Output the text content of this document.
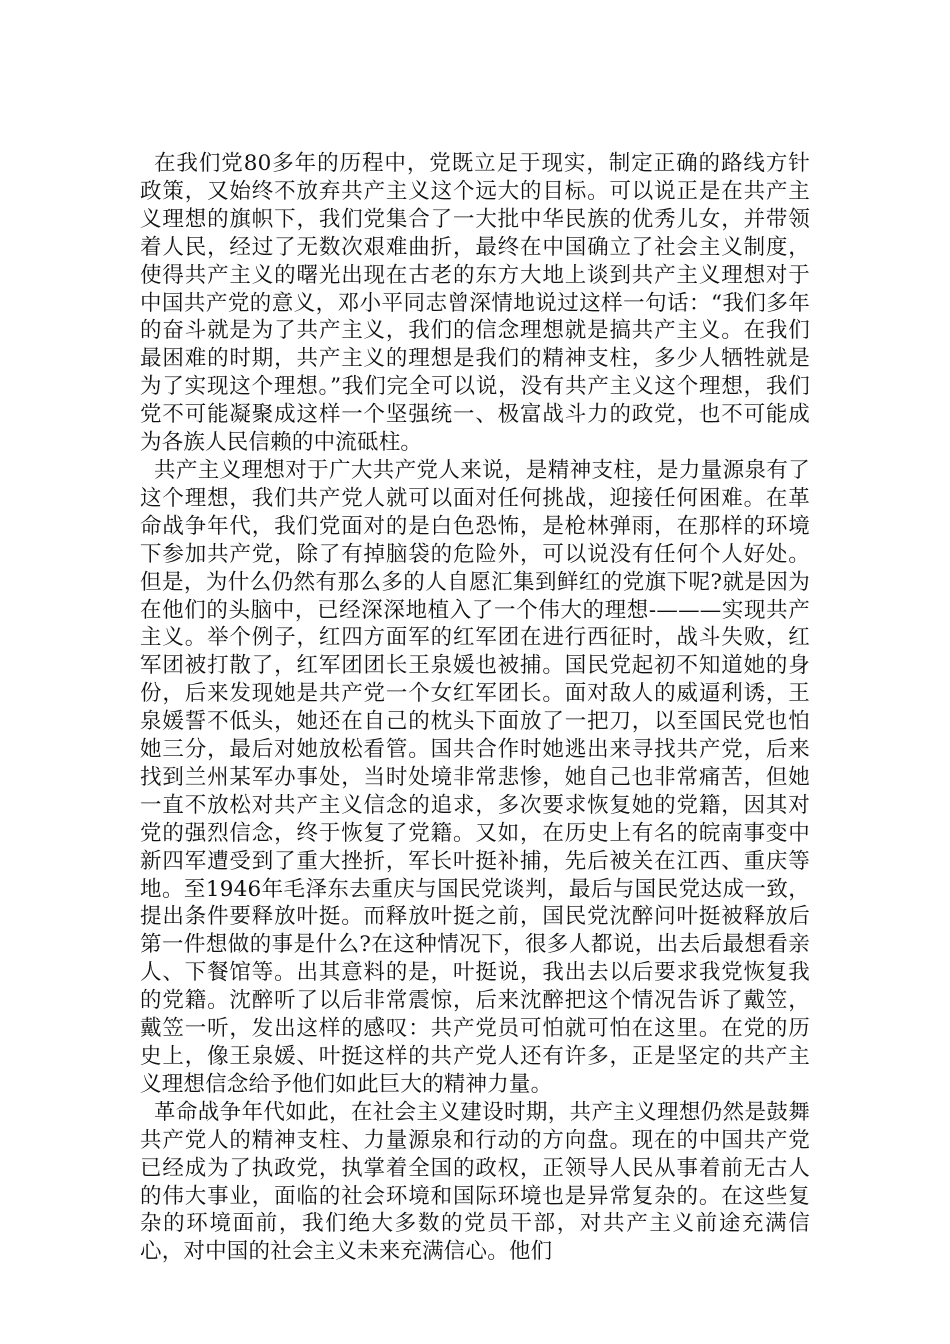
在我们党80多年的历程中，党既立足于现实，制定正确的路线方针政策，又始终不放弃共产主义这个远大的目标。可以说正是在共产主义理想的旗帜下，我们党集合了一大批中华民族的优秀儿女，并带领着人民，经过了无数次艰难曲折，最终在中国确立了社会主义制度，使得共产主义的曙光出现在古老的东方大地上谈到共产主义理想对于中国共产党的意义，邓小平同志曾深情地说过这样一句话：“我们多年的奋斗就是为了共产主义，我们的信念理想就是搞共产主义。在我们最困难的时期，共产主义的理想是我们的精神支柱，多少人牺牲就是为了实现这个理想。”我们完全可以说，没有共产主义这个理想，我们党不可能凝聚成这样一个坚强统一、极富战斗力的政党，也不可能成为各族人民信赖的中流砥柱。

共产主义理想对于广大共产党人来说，是精神支柱，是力量源泉有了这个理想，我们共产党人就可以面对任何挑战，迎接任何困难。在革命战争年代，我们党面对的是白色恐怖，是枪林弹雨，在那样的环境下参加共产党，除了有掉脑袋的危险外，可以说没有任何个人好处。但是，为什么仍然有那么多的人自愿汇集到鲜红的党旗下呢?就是因为在他们的头脑中，已经深深地植入了一个伟大的理想-———实现共产主义。举个例子，红四方面军的红军团在进行西征时，战斗失败，红军团被打散了，红军团团长王泉媛也被捕。国民党起初不知道她的身份，后来发现她是共产党一个女红军团长。面对敌人的威逼利诱，王泉媛誓不低头，她还在自己的枕头下面放了一把刀，以至国民党也怕她三分，最后对她放松看管。国共合作时她逃出来寻找共产党，后来找到兰州某军办事处，当时处境非常悲惨，她自己也非常痛苦，但她一直不放松对共产主义信念的追求，多次要求恢复她的党籍，因其对党的强烈信念，终于恢复了党籍。又如，在历史上有名的皖南事变中新四军遭受到了重大挫折，军长叶挺补捕，先后被关在江西、重庆等地。至1946年毛泽东去重庆与国民党谈判，最后与国民党达成一致，提出条件要释放叶挺。而释放叶挺之前，国民党沈醉问叶挺被释放后第一件想做的事是什么?在这种情况下，很多人都说，出去后最想看亲人、下餐馆等。出其意料的是，叶挺说，我出去以后要求我党恢复我的党籍。沈醉听了以后非常震惊，后来沈醉把这个情况告诉了戴笠，戴笠一听，发出这样的感叹：共产党员可怕就可怕在这里。在党的历史上，像王泉媛、叶挺这样的共产党人还有许多，正是坚定的共产主义理想信念给予他们如此巨大的精神力量。

革命战争年代如此，在社会主义建设时期，共产主义理想仍然是鼓舞共产党人的精神支柱、力量源泉和行动的方向盘。现在的中国共产党已经成为了执政党，执掌着全国的政权，正领导人民从事着前无古人的伟大事业，面临的社会环境和国际环境也是异常复杂的。在这些复杂的环境面前，我们绝大多数的党员干部，对共产主义前途充满信心，对中国的社会主义未来充满信心。他们
